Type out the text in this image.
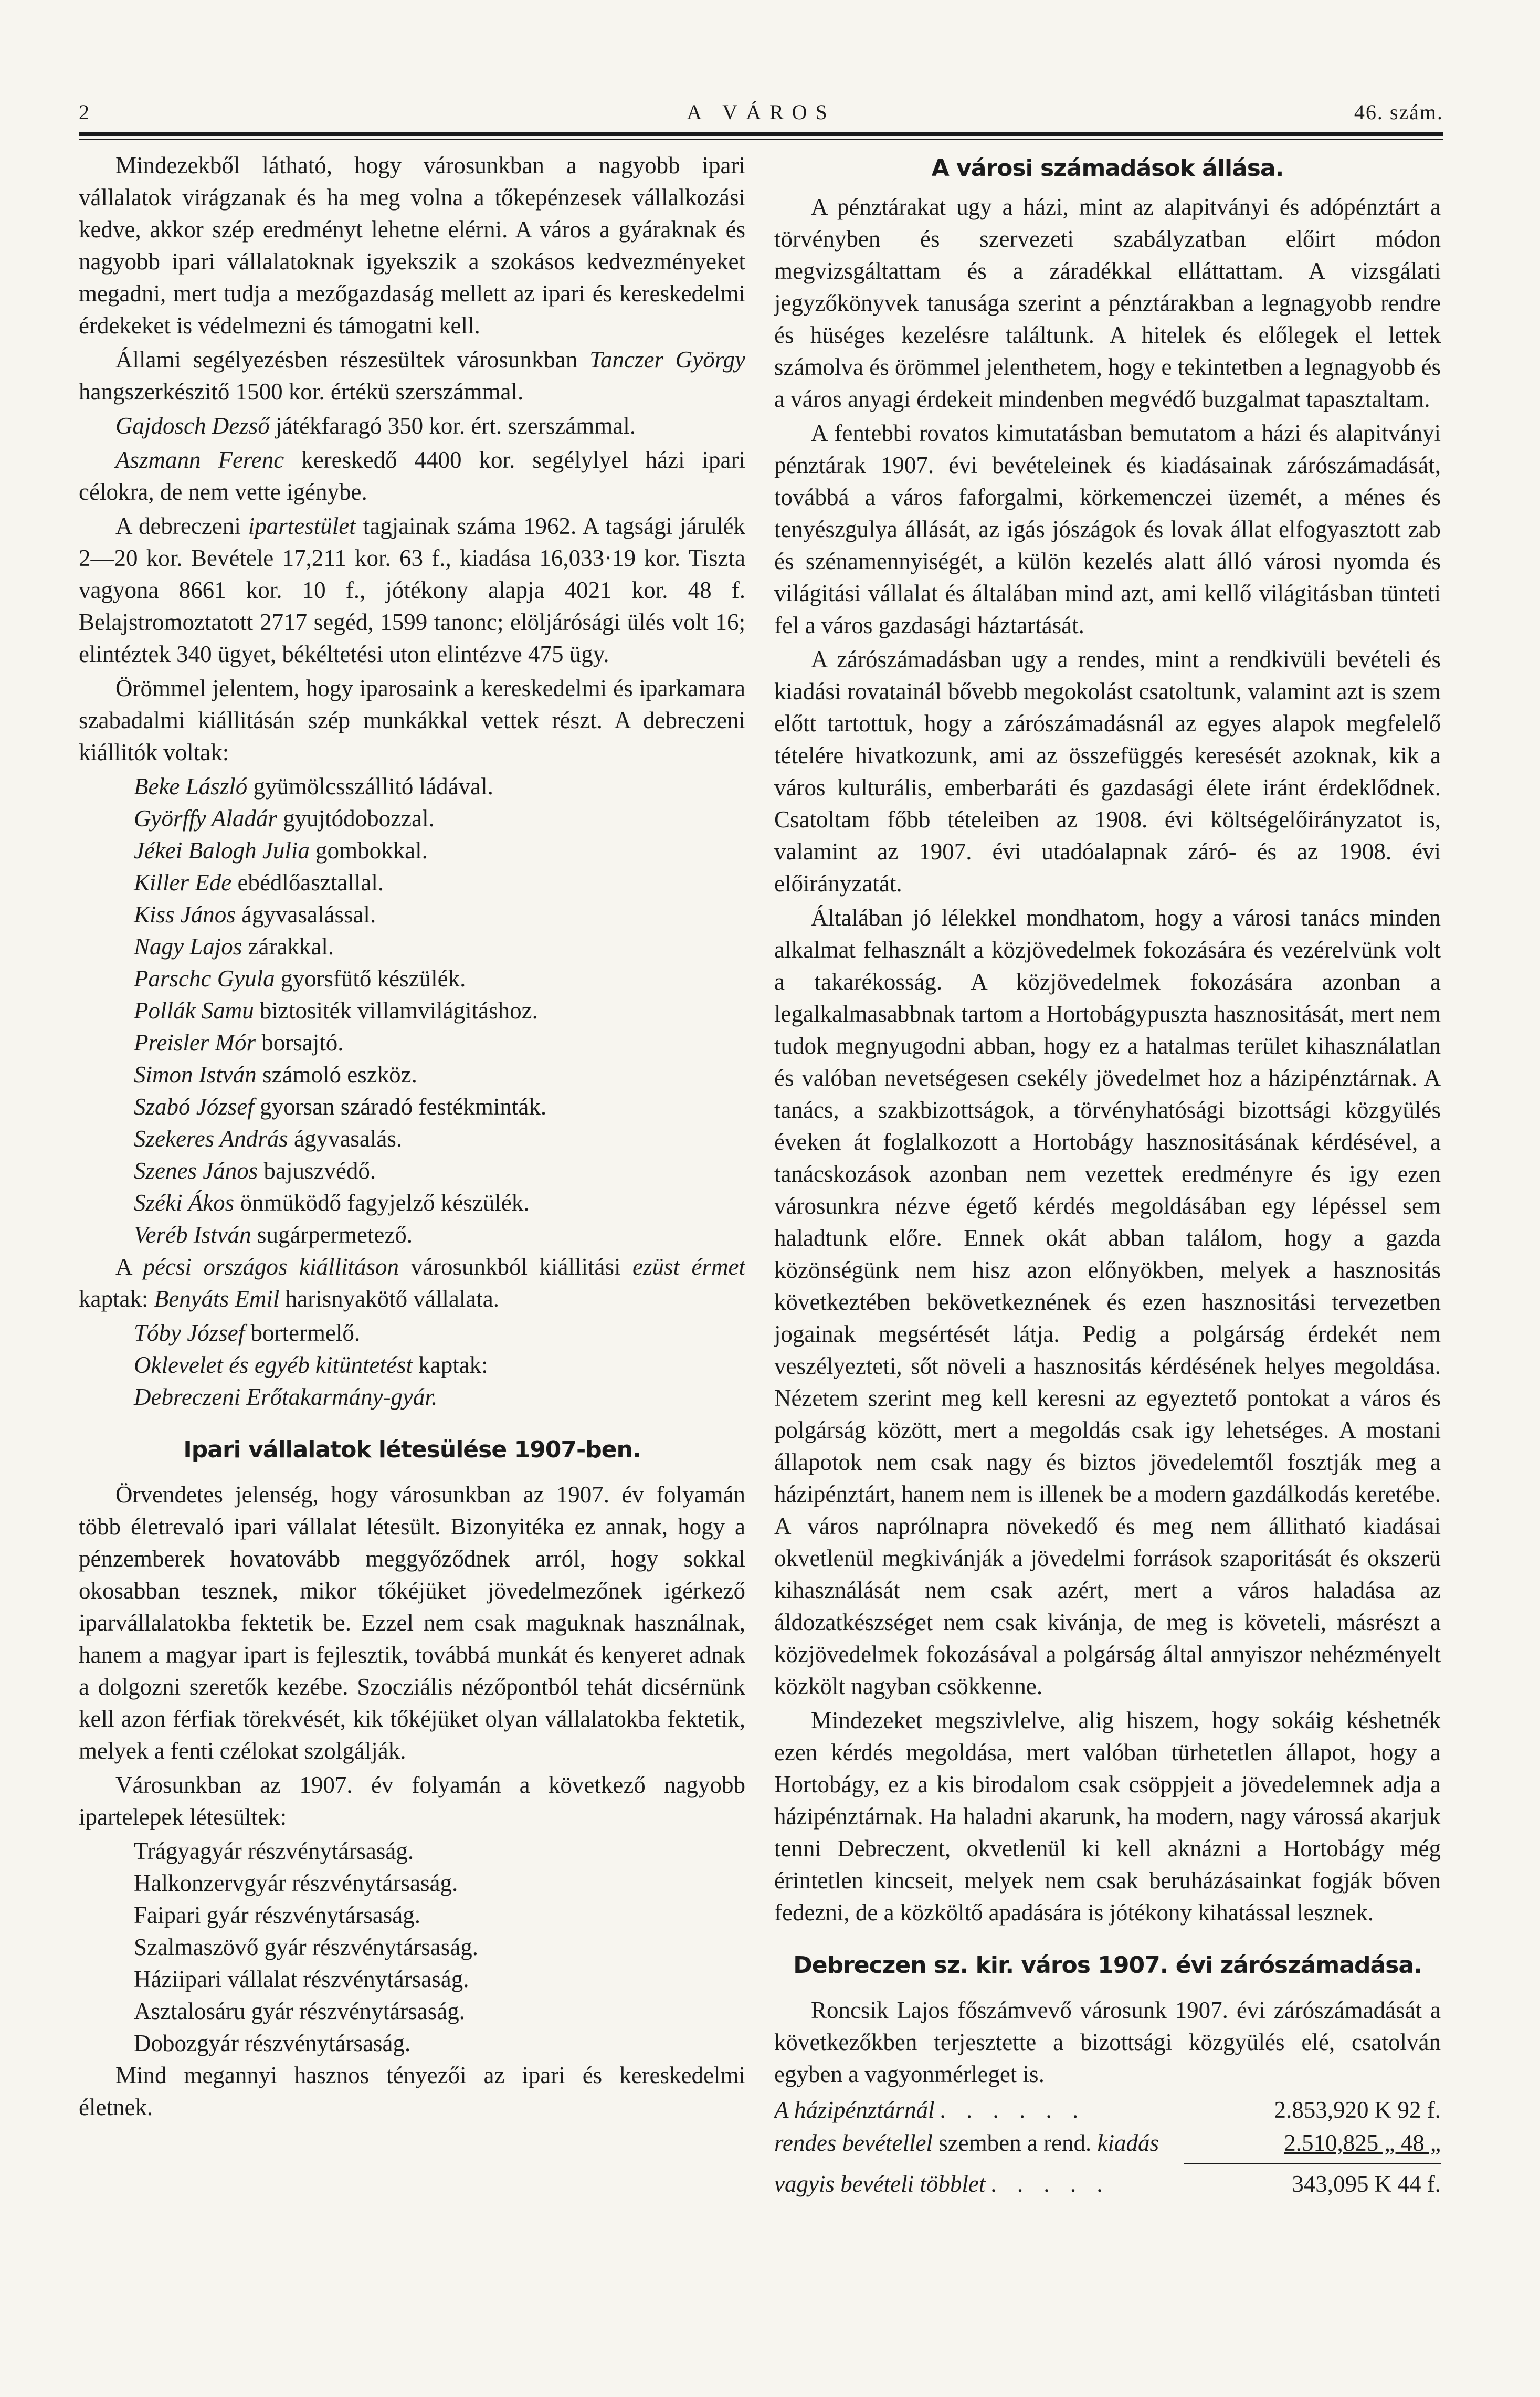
2	A VÁROS	46. szám.

Mindezekből látható, hogy városunkban a nagyobb ipari vállalatok virágzanak és ha meg volna a tőkepénzesek vállalkozási kedve, akkor szép eredményt lehetne elérni. A város a gyáraknak és nagyobb ipari vállalatoknak igyekszik a szokásos kedvezményeket megadni, mert tudja a mezőgazdaság mellett az ipari és kereskedelmi érdekeket is védelmezni és támogatni kell.

Állami segélyezésben részesültek városunkban Tanczer György hangszerkészitő 1500 kor. értékü szerszámmal.

Gajdosch Dezső játékfaragó 350 kor. ért. szerszámmal.

Aszmann Ferenc kereskedő 4400 kor. segélylyel házi ipari célokra, de nem vette igénybe.

A debreczeni ipartestület tagjainak száma 1962. A tagsági járulék 2—20 kor. Bevétele 17,211 kor. 63 f., kiadása 16,033·19 kor. Tiszta vagyona 8661 kor. 10 f., jótékony alapja 4021 kor. 48 f. Belajstromoztatott 2717 segéd, 1599 tanonc; elöljárósági ülés volt 16; elintéztek 340 ügyet, békéltetési uton elintézve 475 ügy.

Örömmel jelentem, hogy iparosaink a kereskedelmi és iparkamara szabadalmi kiállitásán szép munkákkal vettek részt. A debreczeni kiállitók voltak:

Beke László gyümölcsszállitó ládával.

Györffy Aladár gyujtódobozzal.

Jékei Balogh Julia gombokkal.

Killer Ede ebédlőasztallal.

Kiss János ágyvasalással.

Nagy Lajos zárakkal.

Parschc Gyula gyorsfütő készülék.

Pollák Samu biztositék villamvilágitáshoz.

Preisler Mór borsajtó.

Simon István számoló eszköz.

Szabó József gyorsan száradó festékminták.

Szekeres András ágyvasalás.

Szenes János bajuszvédő.

Széki Ákos önmüködő fagyjelző készülék.

Veréb István sugárpermetező.

A pécsi országos kiállitáson városunkból kiállitási ezüst érmet kaptak: Benyáts Emil harisnyakötő vállalata.

Tóby József bortermelő.

Oklevelet és egyéb kitüntetést kaptak:

Debreczeni Erőtakarmány-gyár.

Ipari vállalatok létesülése 1907-ben.

Örvendetes jelenség, hogy városunkban az 1907. év folyamán több életrevaló ipari vállalat létesült. Bizonyitéka ez annak, hogy a pénzemberek hovatovább meggyőződnek arról, hogy sokkal okosabban tesznek, mikor tőkéjüket jövedelmezőnek igérkező iparvállalatokba fektetik be. Ezzel nem csak maguknak használnak, hanem a magyar ipart is fejlesztik, továbbá munkát és kenyeret adnak a dolgozni szeretők kezébe. Szocziális nézőpontból tehát dicsérnünk kell azon férfiak törekvését, kik tőkéjüket olyan vállalatokba fektetik, melyek a fenti czélokat szolgálják.

Városunkban az 1907. év folyamán a következő nagyobb ipartelepek létesültek:

Trágyagyár részvénytársaság.

Halkonzervgyár részvénytársaság.

Faipari gyár részvénytársaság.

Szalmaszövő gyár részvénytársaság.

Háziipari vállalat részvénytársaság.

Asztalosáru gyár részvénytársaság.

Dobozgyár részvénytársaság.

Mind megannyi hasznos tényezői az ipari és kereskedelmi életnek.

A városi számadások állása.

A pénztárakat ugy a házi, mint az alapitványi és adópénztárt a törvényben és szervezeti szabályzatban előirt módon megvizsgáltattam és a záradékkal elláttattam. A vizsgálati jegyzőkönyvek tanusága szerint a pénztárakban a legnagyobb rendre és hüséges kezelésre találtunk. A hitelek és előlegek el lettek számolva és örömmel jelenthetem, hogy e tekintetben a legnagyobb és a város anyagi érdekeit mindenben megvédő buzgalmat tapasztaltam.

A fentebbi rovatos kimutatásban bemutatom a házi és alapitványi pénztárak 1907. évi bevételeinek és kiadásainak zárószámadását, továbbá a város faforgalmi, körkemenczei üzemét, a ménes és tenyészgulya állását, az igás jószágok és lovak állat elfogyasztott zab és szénamennyiségét, a külön kezelés alatt álló városi nyomda és világitási vállalat és általában mind azt, ami kellő világitásban tünteti fel a város gazdasági háztartását.

A zárószámadásban ugy a rendes, mint a rendkivüli bevételi és kiadási rovatainál bővebb megokolást csatoltunk, valamint azt is szem előtt tartottuk, hogy a zárószámadásnál az egyes alapok megfelelő tételére hivatkozunk, ami az összefüggés keresését azoknak, kik a város kulturális, emberbaráti és gazdasági élete iránt érdeklődnek. Csatoltam főbb tételeiben az 1908. évi költségelőirányzatot is, valamint az 1907. évi utadóalapnak záró- és az 1908. évi előirányzatát.

Általában jó lélekkel mondhatom, hogy a városi tanács minden alkalmat felhasznált a közjövedelmek fokozására és vezérelvünk volt a takarékosság. A közjövedelmek fokozására azonban a legalkalmasabbnak tartom a Hortobágypuszta hasznositását, mert nem tudok megnyugodni abban, hogy ez a hatalmas terület kihasználatlan és valóban nevetségesen csekély jövedelmet hoz a házipénztárnak. A tanács, a szakbizottságok, a törvényhatósági bizottsági közgyülés éveken át foglalkozott a Hortobágy hasznositásának kérdésével, a tanácskozások azonban nem vezettek eredményre és igy ezen városunkra nézve égető kérdés megoldásában egy lépéssel sem haladtunk előre. Ennek okát abban találom, hogy a gazda közönségünk nem hisz azon előnyökben, melyek a hasznositás következtében bekövetkeznének és ezen hasznositási tervezetben jogainak megsértését látja. Pedig a polgárság érdekét nem veszélyezteti, sőt növeli a hasznositás kérdésének helyes megoldása. Nézetem szerint meg kell keresni az egyeztető pontokat a város és polgárság között, mert a megoldás csak igy lehetséges. A mostani állapotok nem csak nagy és biztos jövedelemtől fosztják meg a házipénztárt, hanem nem is illenek be a modern gazdálkodás keretébe. A város naprólnapra növekedő és meg nem állitható kiadásai okvetlenül megkivánják a jövedelmi források szaporitását és okszerü kihasználását nem csak azért, mert a város haladása az áldozatkészséget nem csak kivánja, de meg is követeli, másrészt a közjövedelmek fokozásával a polgárság által annyiszor nehézményelt közkölt nagyban csökkenne.

Mindezeket megszivlelve, alig hiszem, hogy sokáig késhetnék ezen kérdés megoldása, mert valóban türhetetlen állapot, hogy a Hortobágy, ez a kis birodalom csak csöppjeit a jövedelemnek adja a házipénztárnak. Ha haladni akarunk, ha modern, nagy várossá akarjuk tenni Debreczent, okvetlenül ki kell aknázni a Hortobágy még érintetlen kincseit, melyek nem csak beruházásainkat fogják bőven fedezni, de a közköltő apadására is jótékony kihatással lesznek.

Debreczen sz. kir. város 1907. évi zárószámadása.

Roncsik Lajos főszámvevő városunk 1907. évi zárószámadását a következőkben terjesztette a bizottsági közgyülés elé, csatolván egyben a vagyonmérleget is.

A házipénztárnál . . . . . .	2.853,920 K 92 f.
rendes bevétellel
szemben a rend.
kiadás	2.510,825 „ 48 „
vagyis bevételi többlet . . . . .	343,095 K 44 f.
